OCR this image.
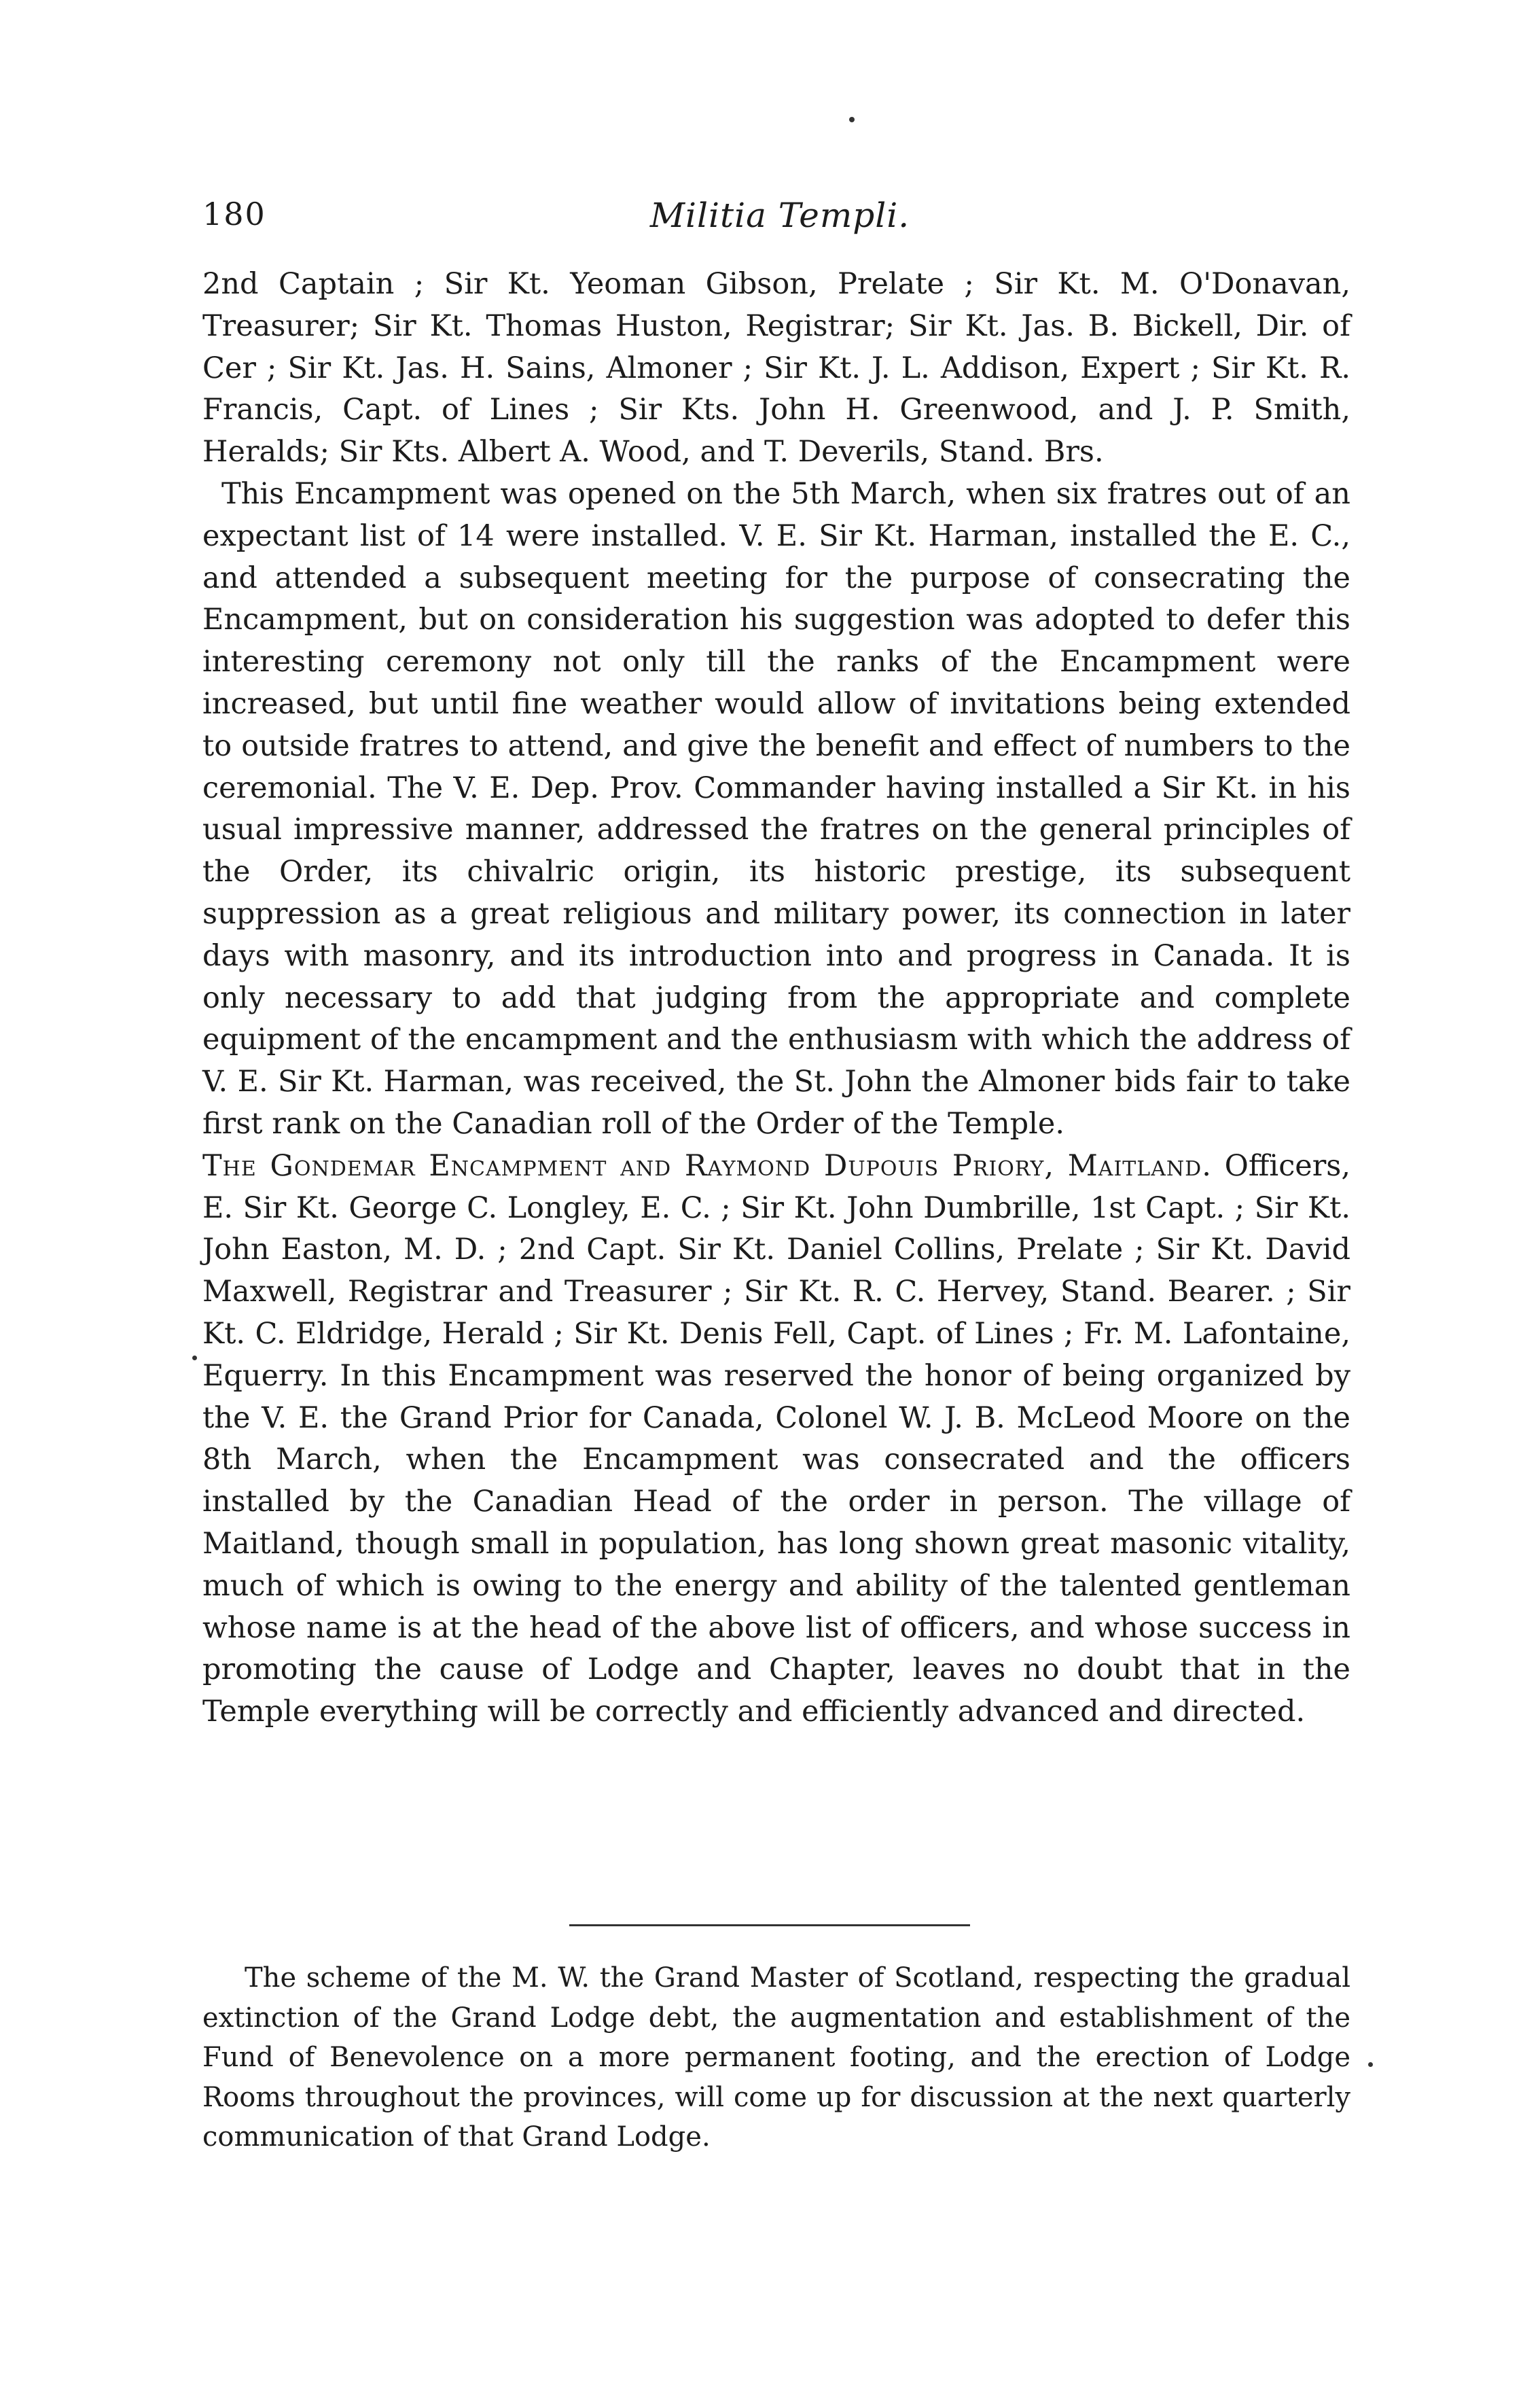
180	Militia Templi.

2nd Captain ; Sir Kt. Yeoman Gibson, Prelate ; Sir Kt. M. O'Donavan, Treasurer; Sir Kt. Thomas Huston, Registrar; Sir Kt. Jas. B. Bickell, Dir. of Cer ; Sir Kt. Jas. H. Sains, Almoner ; Sir Kt. J. L. Addison, Expert ; Sir Kt. R. Francis, Capt. of Lines ; Sir Kts. John H. Greenwood, and J. P. Smith, Heralds; Sir Kts. Albert A. Wood, and T. Deverils, Stand. Brs.

This Encampment was opened on the 5th March, when six fratres out of an expectant list of 14 were installed. V. E. Sir Kt. Harman, installed the E. C., and attended a subsequent meeting for the purpose of consecrating the Encampment, but on consideration his suggestion was adopted to defer this interesting ceremony not only till the ranks of the Encampment were increased, but until fine weather would allow of invitations being extended to outside fratres to attend, and give the benefit and effect of numbers to the ceremonial. The V. E. Dep. Prov. Commander having installed a Sir Kt. in his usual impressive manner, addressed the fratres on the general principles of the Order, its chivalric origin, its historic prestige, its subsequent suppression as a great religious and military power, its connection in later days with masonry, and its introduction into and progress in Canada. It is only necessary to add that judging from the appropriate and complete equipment of the encampment and the enthusiasm with which the address of V. E. Sir Kt. Harman, was received, the St. John the Almoner bids fair to take first rank on the Canadian roll of the Order of the Temple.

The Gondemar Encampment and Raymond Dupouis Priory, Maitland. Officers, E. Sir Kt. George C. Longley, E. C. ; Sir Kt. John Dumbrille, 1st Capt. ; Sir Kt. John Easton, M. D. ; 2nd Capt. Sir Kt. Daniel Collins, Prelate ; Sir Kt. David Maxwell, Registrar and Treasurer ; Sir Kt. R. C. Hervey, Stand. Bearer. ; Sir Kt. C. Eldridge, Herald ; Sir Kt. Denis Fell, Capt. of Lines ; Fr. M. Lafontaine, Equerry. In this Encampment was reserved the honor of being organized by the V. E. the Grand Prior for Canada, Colonel W. J. B. McLeod Moore on the 8th March, when the Encampment was consecrated and the officers installed by the Canadian Head of the order in person. The village of Maitland, though small in population, has long shown great masonic vitality, much of which is owing to the energy and ability of the talented gentleman whose name is at the head of the above list of officers, and whose success in promoting the cause of Lodge and Chapter, leaves no doubt that in the Temple everything will be correctly and efficiently advanced and directed.

The scheme of the M. W. the Grand Master of Scotland, respecting the gradual extinction of the Grand Lodge debt, the augmentation and establishment of the Fund of Benevolence on a more permanent footing, and the erection of Lodge Rooms throughout the provinces, will come up for discussion at the next quarterly communication of that Grand Lodge.
